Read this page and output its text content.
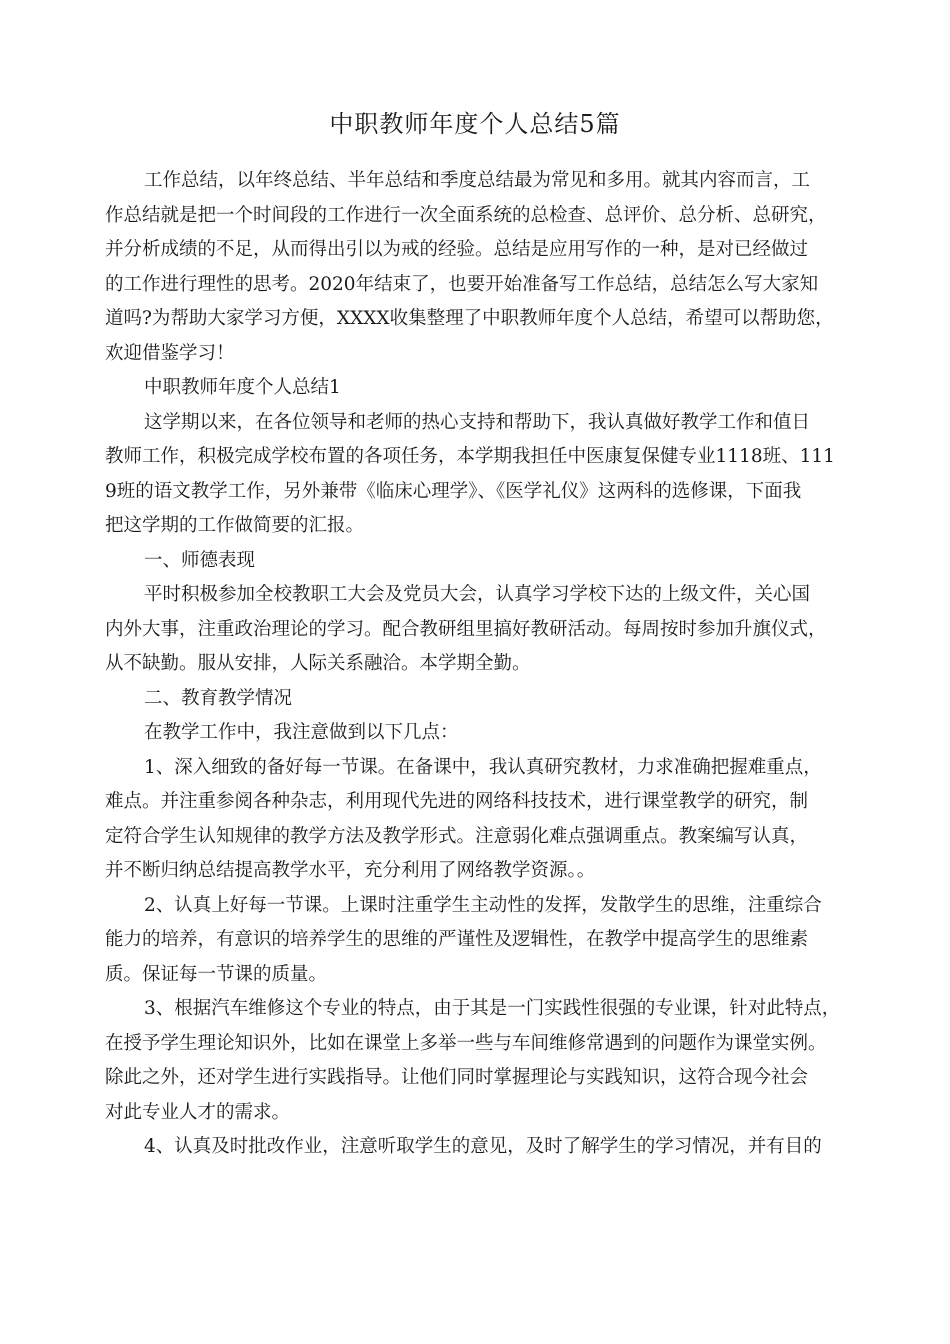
中职教师年度个人总结5篇
工作总结，以年终总结、半年总结和季度总结最为常见和多用。就其内容而言，工
作总结就是把一个时间段的工作进行一次全面系统的总检查、总评价、总分析、总研究，
并分析成绩的不足，从而得出引以为戒的经验。总结是应用写作的一种，是对已经做过
的工作进行理性的思考。2020年结束了，也要开始准备写工作总结，总结怎么写大家知
道吗?为帮助大家学习方便，XXXX收集整理了中职教师年度个人总结，希望可以帮助您，
欢迎借鉴学习！
中职教师年度个人总结1
这学期以来，在各位领导和老师的热心支持和帮助下，我认真做好教学工作和值日
教师工作，积极完成学校布置的各项任务，本学期我担任中医康复保健专业1118班、111
9班的语文教学工作，另外兼带《临床心理学》、《医学礼仪》这两科的选修课，下面我
把这学期的工作做简要的汇报。
一、师德表现
平时积极参加全校教职工大会及党员大会，认真学习学校下达的上级文件，关心国
内外大事，注重政治理论的学习。配合教研组里搞好教研活动。每周按时参加升旗仪式，
从不缺勤。服从安排，人际关系融洽。本学期全勤。
二、教育教学情况
在教学工作中，我注意做到以下几点：
1、深入细致的备好每一节课。在备课中，我认真研究教材，力求准确把握难重点，
难点。并注重参阅各种杂志，利用现代先进的网络科技技术，进行课堂教学的研究，制
定符合学生认知规律的教学方法及教学形式。注意弱化难点强调重点。教案编写认真，
并不断归纳总结提高教学水平，充分利用了网络教学资源。。
2、认真上好每一节课。上课时注重学生主动性的发挥，发散学生的思维，注重综合
能力的培养，有意识的培养学生的思维的严谨性及逻辑性，在教学中提高学生的思维素
质。保证每一节课的质量。
3、根据汽车维修这个专业的特点，由于其是一门实践性很强的专业课，针对此特点，
在授予学生理论知识外，比如在课堂上多举一些与车间维修常遇到的问题作为课堂实例。
除此之外，还对学生进行实践指导。让他们同时掌握理论与实践知识，这符合现今社会
对此专业人才的需求。
4、认真及时批改作业，注意听取学生的意见，及时了解学生的学习情况，并有目的
